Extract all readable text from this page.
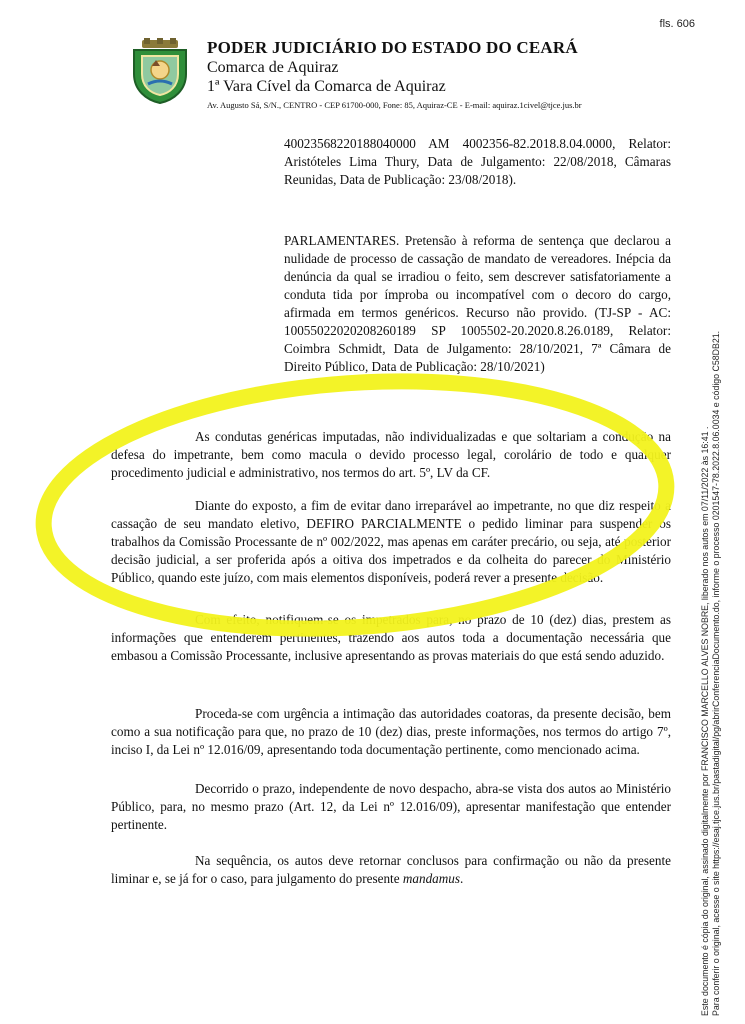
fls. 606
PODER JUDICIÁRIO DO ESTADO DO CEARÁ
Comarca de Aquiraz
1ª Vara Cível da Comarca de Aquiraz
Av. Augusto Sá, S/N., CENTRO - CEP 61700-000, Fone: 85, Aquiraz-CE - E-mail: aquiraz.1civel@tjce.jus.br
40023568220188040000 AM 4002356-82.2018.8.04.0000, Relator: Aristóteles Lima Thury, Data de Julgamento: 22/08/2018, Câmaras Reunidas, Data de Publicação: 23/08/2018).
PARLAMENTARES. Pretensão à reforma de sentença que declarou a nulidade de processo de cassação de mandato de vereadores. Inépcia da denúncia da qual se irradiou o feito, sem descrever satisfatoriamente a conduta tida por ímproba ou incompatível com o decoro do cargo, afirmada em termos genéricos. Recurso não provido. (TJ-SP - AC: 10055022020208260189 SP 1005502-20.2020.8.26.0189, Relator: Coimbra Schmidt, Data de Julgamento: 28/10/2021, 7ª Câmara de Direito Público, Data de Publicação: 28/10/2021)
As condutas genéricas imputadas, não individualizadas e que soltariam a condução na defesa do impetrante, bem como macula o devido processo legal, corolário de todo e qualquer procedimento judicial e administrativo, nos termos do art. 5º, LV da CF.
Diante do exposto, a fim de evitar dano irreparável ao impetrante, no que diz respeito a cassação de seu mandato eletivo, DEFIRO PARCIALMENTE o pedido liminar para suspender os trabalhos da Comissão Processante de nº 002/2022, mas apenas em caráter precário, ou seja, até posterior decisão judicial, a ser proferida após a oitiva dos impetrados e da colheita do parecer do Ministério Público, quando este juízo, com mais elementos disponíveis, poderá rever a presente decisão.
Com efeito, notifiquem-se os impetrados para, no prazo de 10 (dez) dias, prestem as informações que entenderem pertinentes, trazendo aos autos toda a documentação necessária que embasou a Comissão Processante, inclusive apresentando as provas materiais do que está sendo aduzido.
Proceda-se com urgência a intimação das autoridades coatoras, da presente decisão, bem como a sua notificação para que, no prazo de 10 (dez) dias, preste informações, nos termos do artigo 7º, inciso I, da Lei nº 12.016/09, apresentando toda documentação pertinente, como mencionado acima.
Decorrido o prazo, independente de novo despacho, abra-se vista dos autos ao Ministério Público, para, no mesmo prazo (Art. 12, da Lei nº 12.016/09), apresentar manifestação que entender pertinente.
Na sequência, os autos deve retornar conclusos para confirmação ou não da presente liminar e, se já for o caso, para julgamento do presente mandamus.	Este documento é cópia do original, assinado digitalmente por FRANCISCO MARCELLO ALVES NOBRE, liberado nos autos em 07/11/2022 às 16:41 . Para conferir o original, acesse o site https://esaj.tjce.jus.br/pastadigital/pg/abrirConferenciaDocumento.do, informe o processo 0201547-78.2022.8.06.0034 e código C58DB21.
